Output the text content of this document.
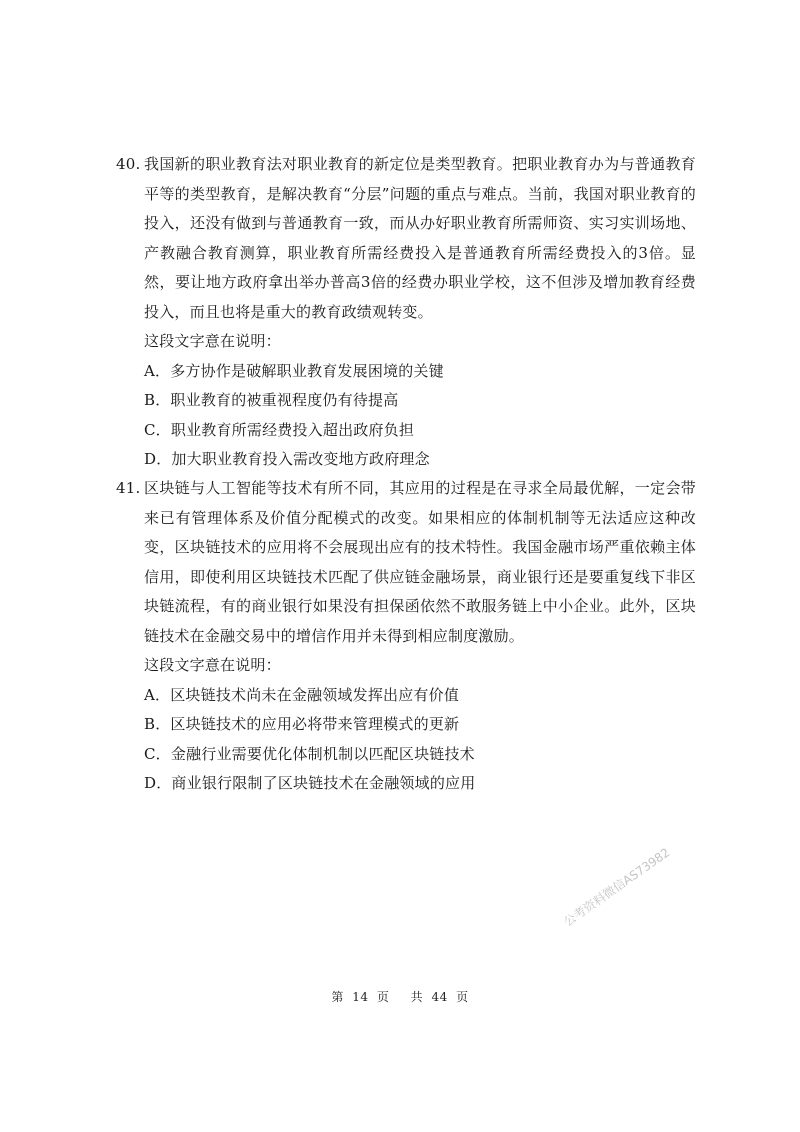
40. 我国新的职业教育法对职业教育的新定位是类型教育。把职业教育办为与普通教育平等的类型教育，是解决教育“分层”问题的重点与难点。当前，我国对职业教育的投入，还没有做到与普通教育一致，而从办好职业教育所需师资、实习实训场地、产教融合教育测算，职业教育所需经费投入是普通教育所需经费投入的3倍。显然，要让地方政府拿出举办普高3倍的经费办职业学校，这不但涉及增加教育经费投入，而且也将是重大的教育政绩观转变。
这段文字意在说明：
A．多方协作是破解职业教育发展困境的关键
B．职业教育的被重视程度仍有待提高
C．职业教育所需经费投入超出政府负担
D．加大职业教育投入需改变地方政府理念
41. 区块链与人工智能等技术有所不同，其应用的过程是在寻求全局最优解，一定会带来已有管理体系及价值分配模式的改变。如果相应的体制机制等无法适应这种改变，区块链技术的应用将不会展现出应有的技术特性。我国金融市场严重依赖主体信用，即使利用区块链技术匹配了供应链金融场景，商业银行还是要重复线下非区块链流程，有的商业银行如果没有担保函依然不敢服务链上中小企业。此外，区块链技术在金融交易中的增信作用并未得到相应制度激励。
这段文字意在说明：
A．区块链技术尚未在金融领域发挥出应有价值
B．区块链技术的应用必将带来管理模式的更新
C．金融行业需要优化体制机制以匹配区块链技术
D．商业银行限制了区块链技术在金融领域的应用
公考资料微信AS73982
第 14 页 共 44 页
